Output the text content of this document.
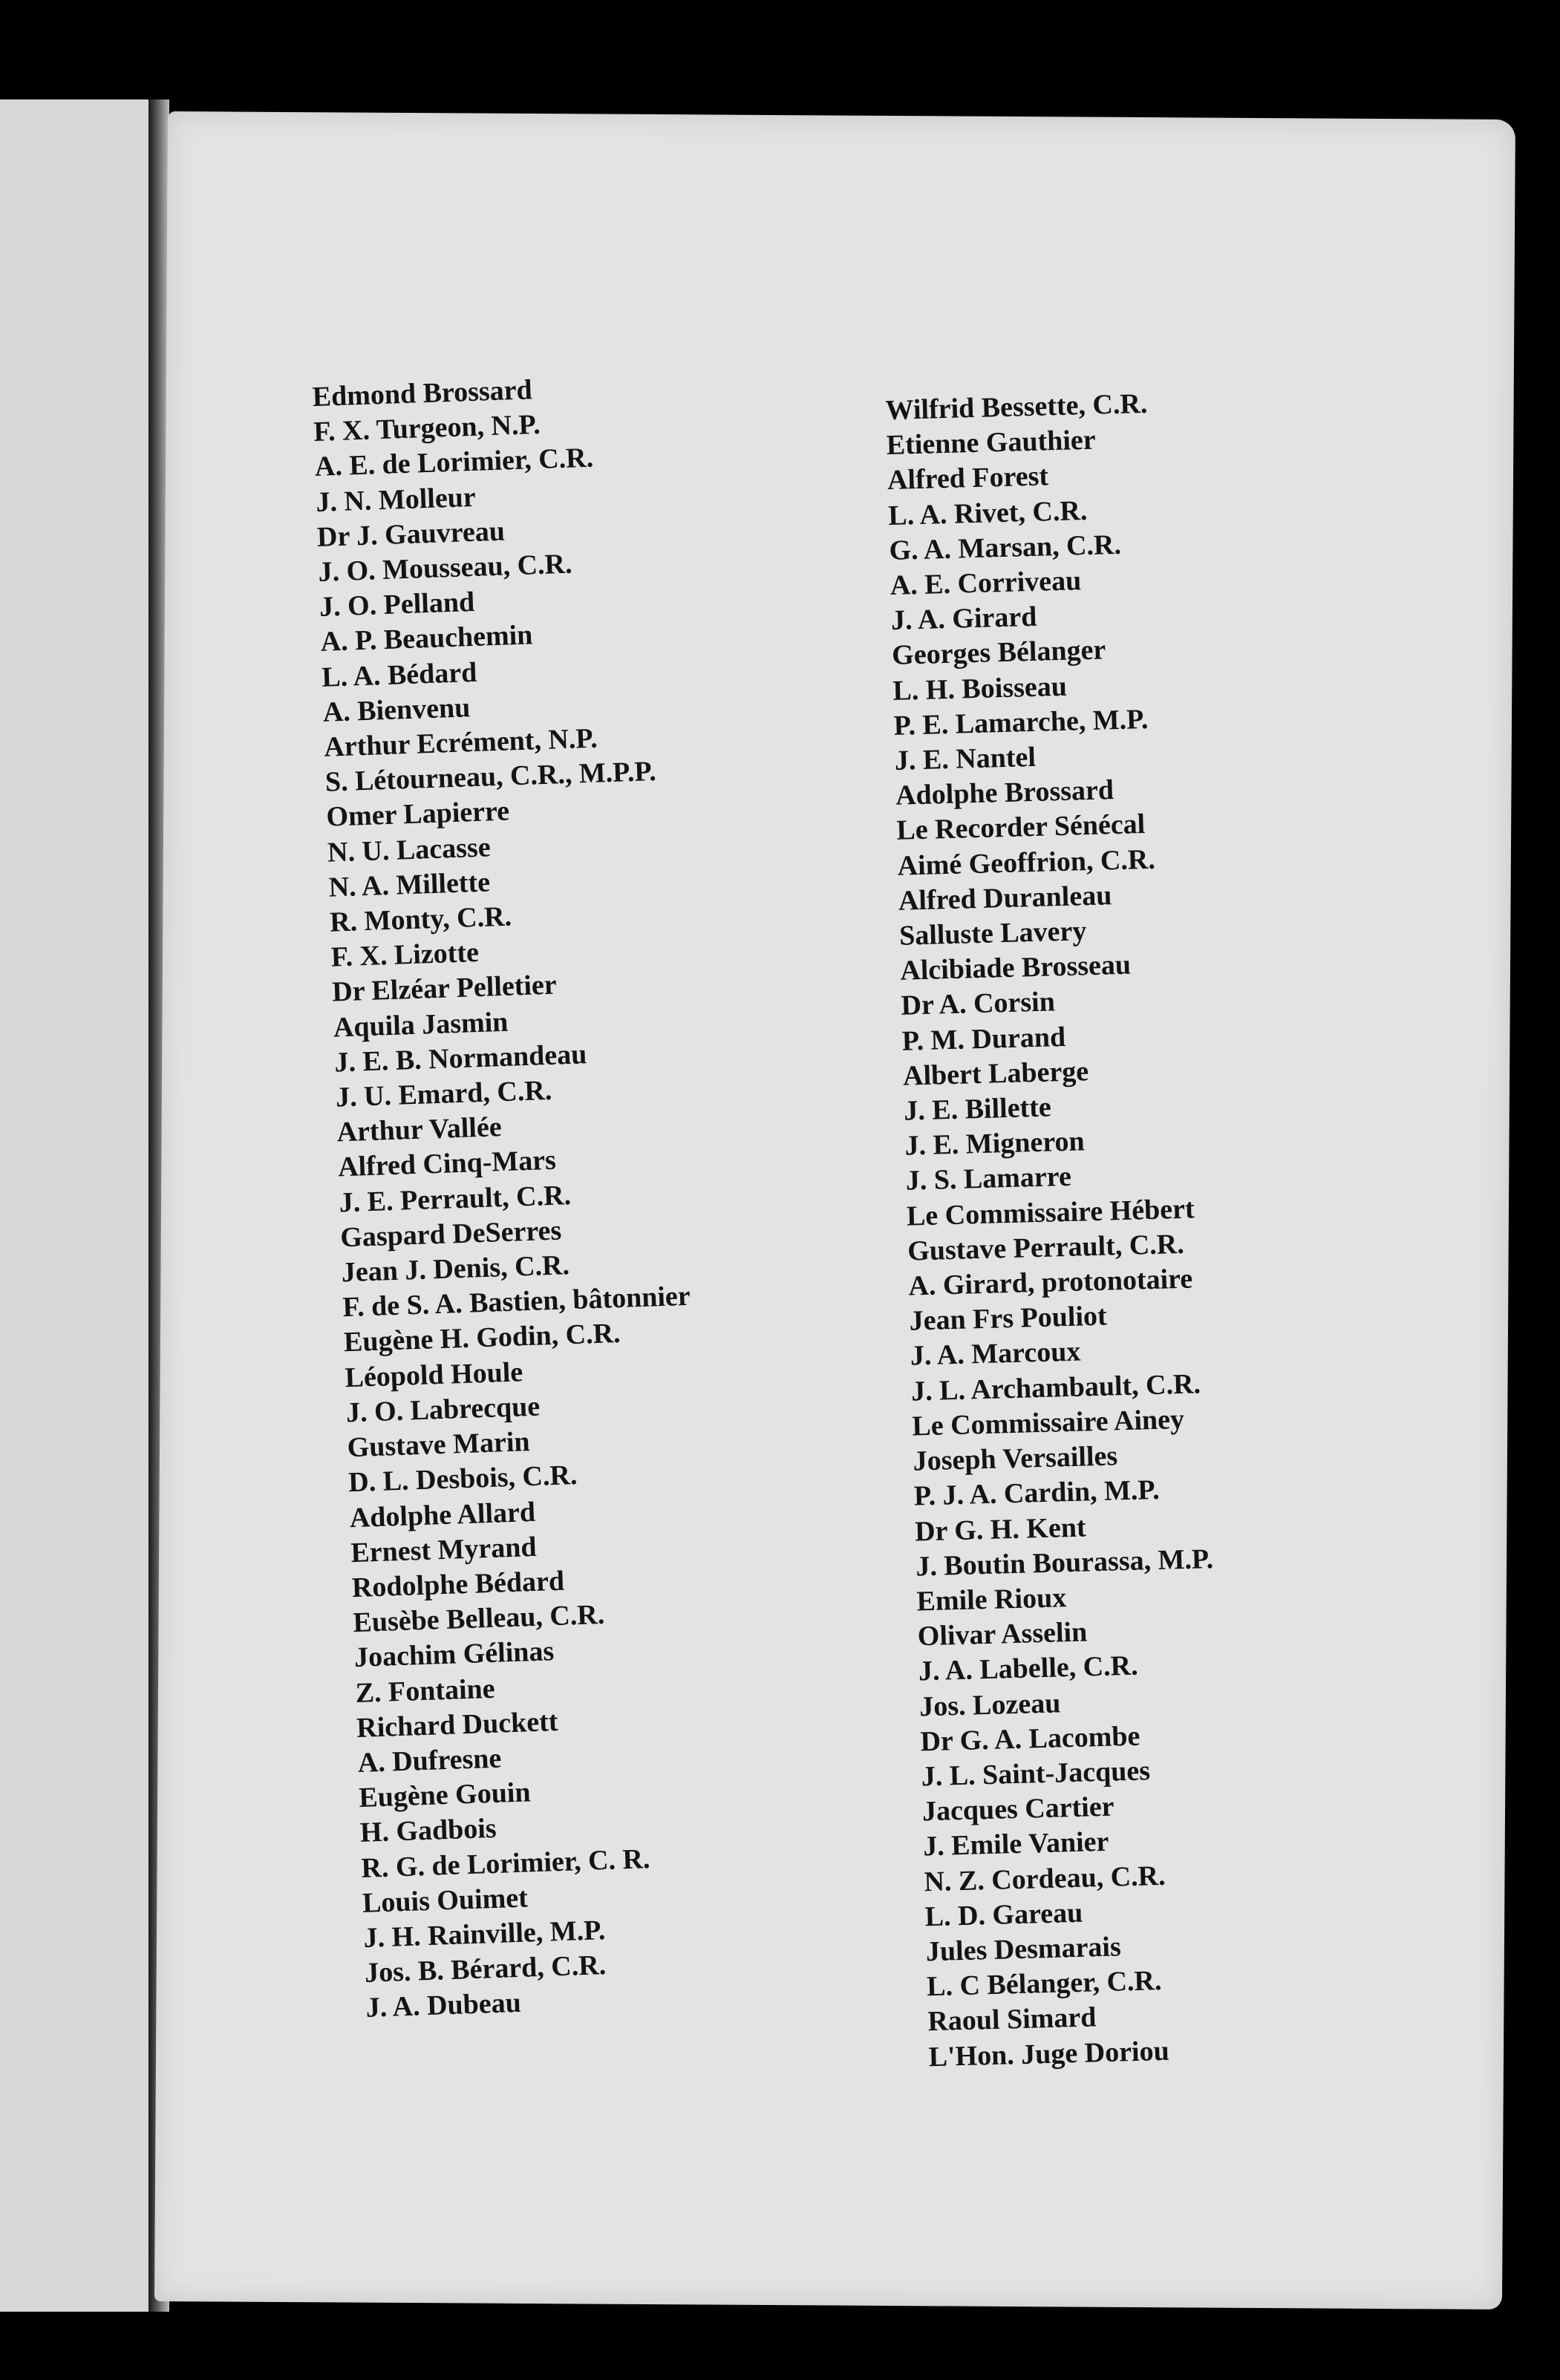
Edmond Brossard
F. X. Turgeon, N.P.
A. E. de Lorimier, C.R.
J. N. Molleur
Dr J. Gauvreau
J. O. Mousseau, C.R.
J. O. Pelland
A. P. Beauchemin
L. A. Bédard
A. Bienvenu
Arthur Ecrément, N.P.
S. Létourneau, C.R., M.P.P.
Omer Lapierre
N. U. Lacasse
N. A. Millette
R. Monty, C.R.
F. X. Lizotte
Dr Elzéar Pelletier
Aquila Jasmin
J. E. B. Normandeau
J. U. Emard, C.R.
Arthur Vallée
Alfred Cinq-Mars
J. E. Perrault, C.R.
Gaspard DeSerres
Jean J. Denis, C.R.
F. de S. A. Bastien, bâtonnier
Eugène H. Godin, C.R.
Léopold Houle
J. O. Labrecque
Gustave Marin
D. L. Desbois, C.R.
Adolphe Allard
Ernest Myrand
Rodolphe Bédard
Eusèbe Belleau, C.R.
Joachim Gélinas
Z. Fontaine
Richard Duckett
A. Dufresne
Eugène Gouin
H. Gadbois
R. G. de Lorimier, C. R.
Louis Ouimet
J. H. Rainville, M.P.
Jos. B. Bérard, C.R.
J. A. Dubeau
Wilfrid Bessette, C.R.
Etienne Gauthier
Alfred Forest
L. A. Rivet, C.R.
G. A. Marsan, C.R.
A. E. Corriveau
J. A. Girard
Georges Bélanger
L. H. Boisseau
P. E. Lamarche, M.P.
J. E. Nantel
Adolphe Brossard
Le Recorder Sénécal
Aimé Geoffrion, C.R.
Alfred Duranleau
Salluste Lavery
Alcibiade Brosseau
Dr A. Corsin
P. M. Durand
Albert Laberge
J. E. Billette
J. E. Migneron
J. S. Lamarre
Le Commissaire Hébert
Gustave Perrault, C.R.
A. Girard, protonotaire
Jean Frs Pouliot
J. A. Marcoux
J. L. Archambault, C.R.
Le Commissaire Ainey
Joseph Versailles
P. J. A. Cardin, M.P.
Dr G. H. Kent
J. Boutin Bourassa, M.P.
Emile Rioux
Olivar Asselin
J. A. Labelle, C.R.
Jos. Lozeau
Dr G. A. Lacombe
J. L. Saint-Jacques
Jacques Cartier
J. Emile Vanier
N. Z. Cordeau, C.R.
L. D. Gareau
Jules Desmarais
L. C Bélanger, C.R.
Raoul Simard
L'Hon. Juge Doriou
